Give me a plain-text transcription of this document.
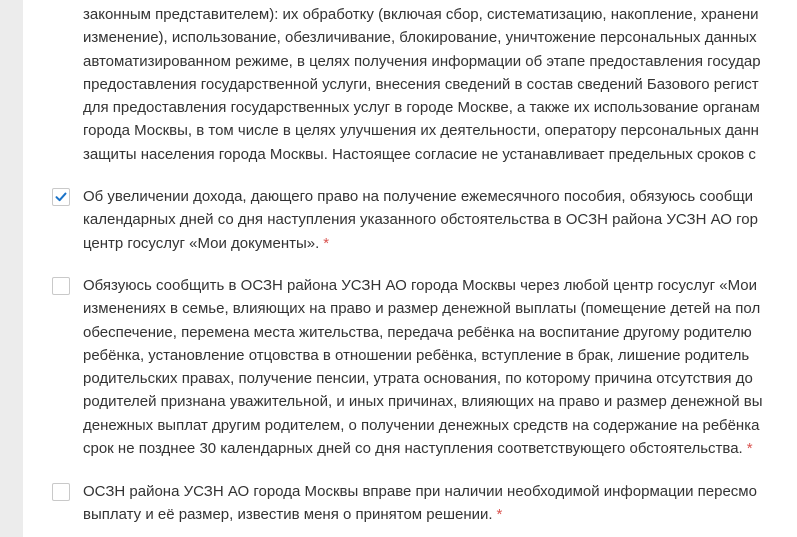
законным представителем): их обработку (включая сбор, систематизацию, накопление, хранени
изменение), использование, обезличивание, блокирование, уничтожение персональных данных
автоматизированном режиме, в целях получения информации об этапе предоставления государ
предоставления государственной услуги, внесения сведений в состав сведений Базового регист
для предоставления государственных услуг в городе Москве, а также их использование органам
города Москвы, в том числе в целях улучшения их деятельности, оператору персональных данн
защиты населения города Москвы. Настоящее согласие не устанавливает предельных сроков с
Об увеличении дохода, дающего право на получение ежемесячного пособия, обязуюсь сообщи
календарных дней со дня наступления указанного обстоятельства в ОСЗН района УСЗН АО гор
центр госуслуг «Мои документы». *
Обязуюсь сообщить в ОСЗН района УСЗН АО города Москвы через любой центр госуслуг «Мои
изменениях в семье, влияющих на право и размер денежной выплаты (помещение детей на пол
обеспечение, перемена места жительства, передача ребёнка на воспитание другому родителю
ребёнка, установление отцовства в отношении ребёнка, вступление в брак, лишение родитель
родительских правах, получение пенсии, утрата основания, по которому причина отсутствия до
родителей признана уважительной, и иных причинах, влияющих на право и размер денежной вы
денежных выплат другим родителем, о получении денежных средств на содержание на ребёнка
срок не позднее 30 календарных дней со дня наступления соответствующего обстоятельства. *
ОСЗН района УСЗН АО города Москвы вправе при наличии необходимой информации пересмо
выплату и её размер, известив меня о принятом решении. *
